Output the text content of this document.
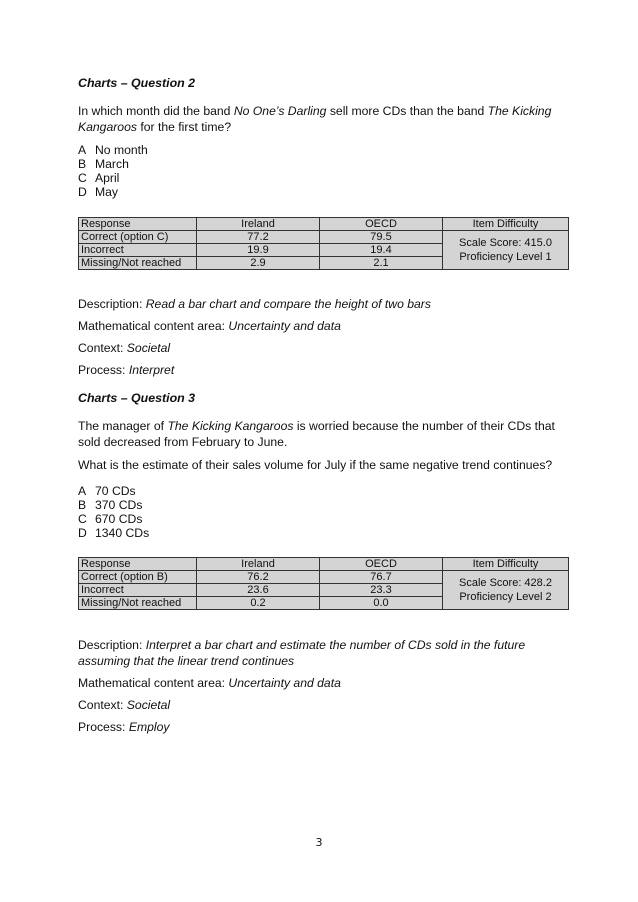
Charts – Question 2
In which month did the band No One’s Darling sell more CDs than the band The Kicking
Kangaroos for the first time?
A No month
B March
C April
D May
Response	Ireland	OECD	Item Difficulty
Correct (option C)	77.2	79.5	Scale Score: 415.0
Proficiency Level 1
Incorrect	19.9	19.4	
Missing/Not reached	2.9	2.1	
Description: Read a bar chart and compare the height of two bars
Mathematical content area: Uncertainty and data
Context: Societal
Process: Interpret
Charts – Question 3
The manager of The Kicking Kangaroos is worried because the number of their CDs that
sold decreased from February to June.
What is the estimate of their sales volume for July if the same negative trend continues?
A 70 CDs
B 370 CDs
C 670 CDs
D 1340 CDs
Response	Ireland	OECD	Item Difficulty
Correct (option B)	76.2	76.7	Scale Score: 428.2
Proficiency Level 2
Incorrect	23.6	23.3	
Missing/Not reached	0.2	0.0	
Description: Interpret a bar chart and estimate the number of CDs sold in the future
assuming that the linear trend continues
Mathematical content area: Uncertainty and data
Context: Societal
Process: Employ
3
